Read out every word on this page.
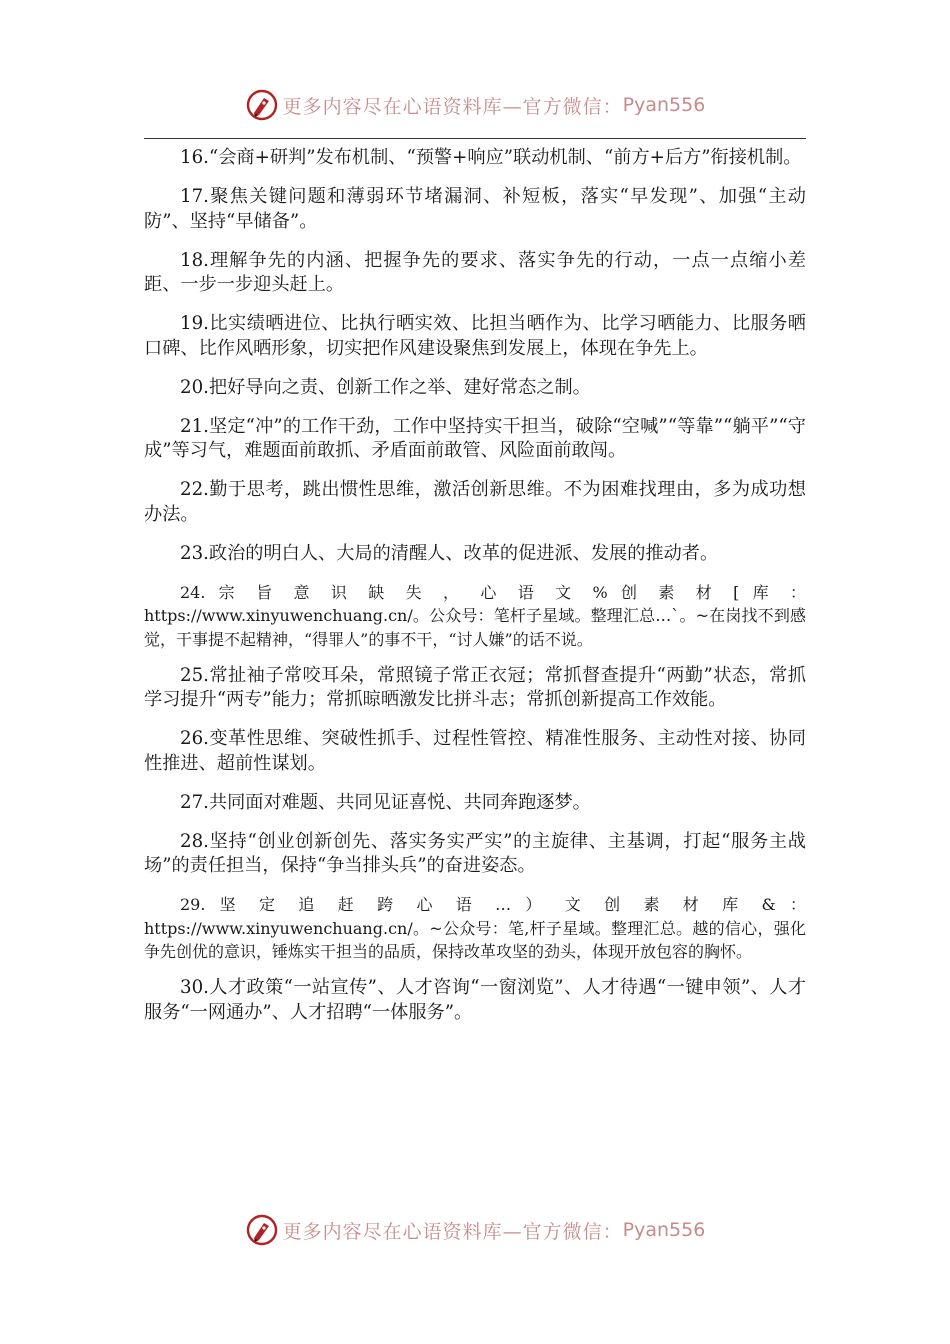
更多内容尽在心语资料库—官方微信： Pyan556

16.“会商+研判”发布机制、“预警+响应”联动机制、“前方+后方”衔接机制。

17.聚焦关键问题和薄弱环节堵漏洞、补短板，落实“早发现”、加强“主动防”、坚持“早储备”。

18.理解争先的内涵、把握争先的要求、落实争先的行动，一点一点缩小差距、一步一步迎头赶上。

19.比实绩晒进位、比执行晒实效、比担当晒作为、比学习晒能力、比服务晒口碑、比作风晒形象，切实把作风建设聚焦到发展上，体现在争先上。

20.把好导向之责、创新工作之举、建好常态之制。

21.坚定“冲”的工作干劲，工作中坚持实干担当，破除“空喊”“等靠”“躺平”“守成”等习气，难题面前敢抓、矛盾面前敢管、风险面前敢闯。

22.勤于思考，跳出惯性思维，激活创新思维。不为困难找理由，多为成功想办法。

23.政治的明白人、大局的清醒人、改革的促进派、发展的推动者。

24. 宗 旨 意 识 缺 失 ， 心 语 文 % 创 素 材 [ 库 ： https://www.xinyuwenchuang.cn/。公众号：笔杆子星域。整理汇总…`。~在岗找不到感觉，干事提不起精神，“得罪人”的事不干，“讨人嫌”的话不说。

25.常扯袖子常咬耳朵，常照镜子常正衣冠；常抓督查提升“两勤”状态，常抓学习提升“两专”能力；常抓晾晒激发比拼斗志；常抓创新提高工作效能。

26.变革性思维、突破性抓手、过程性管控、精准性服务、主动性对接、协同性推进、超前性谋划。

27.共同面对难题、共同见证喜悦、共同奔跑逐梦。

28.坚持“创业创新创先、落实务实严实”的主旋律、主基调，打起“服务主战场”的责任担当，保持“争当排头兵”的奋进姿态。

29. 坚 定 追 赶 跨 心 语 … ） 文 创 素 材 库 & ： https://www.xinyuwenchuang.cn/。~公众号：笔,杆子星域。整理汇总。越的信心，强化争先创优的意识，锤炼实干担当的品质，保持改革攻坚的劲头，体现开放包容的胸怀。

30.人才政策“一站宣传”、人才咨询“一窗浏览”、人才待遇“一键申领”、人才服务“一网通办”、人才招聘“一体服务”。

更多内容尽在心语资料库—官方微信： Pyan556
